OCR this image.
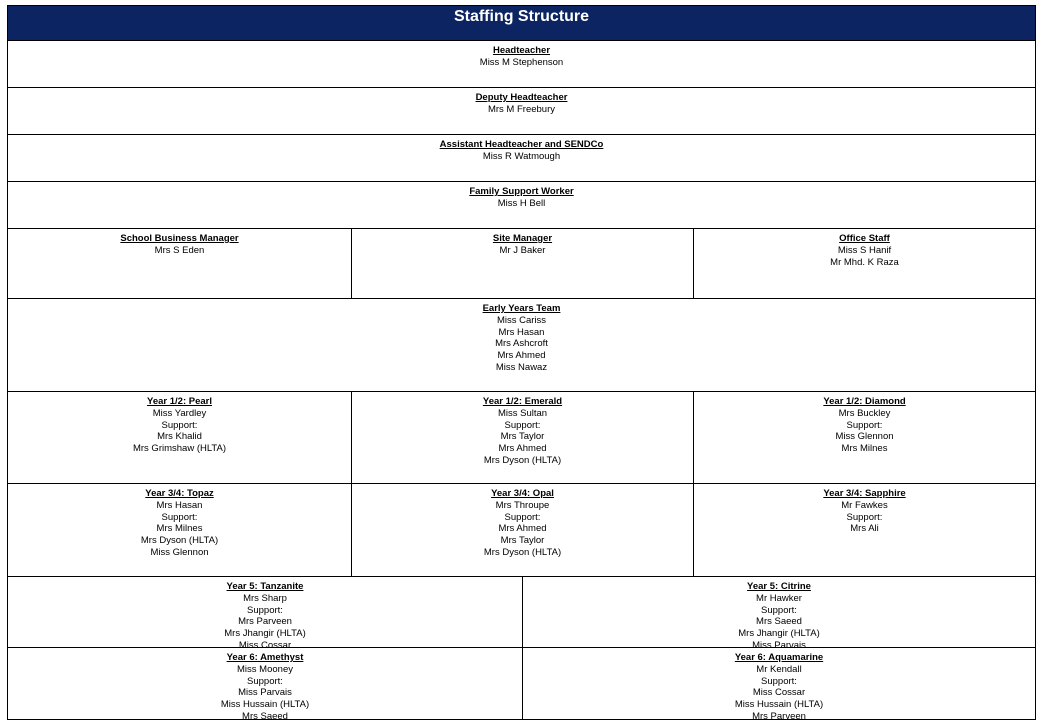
Staffing Structure
Headteacher
Miss M Stephenson
Deputy Headteacher
Mrs M Freebury
Assistant Headteacher and SENDCo
Miss R Watmough
Family Support Worker
Miss H Bell
School Business Manager
Mrs S Eden
Site Manager
Mr J Baker
Office Staff
Miss S Hanif
Mr Mhd. K Raza
Early Years Team
Miss Cariss
Mrs Hasan
Mrs Ashcroft
Mrs Ahmed
Miss Nawaz
Year 1/2: Pearl
Miss Yardley
Support:
Mrs Khalid
Mrs Grimshaw (HLTA)
Year 1/2: Emerald
Miss Sultan
Support:
Mrs Taylor
Mrs Ahmed
Mrs Dyson (HLTA)
Year 1/2: Diamond
Mrs Buckley
Support:
Miss Glennon
Mrs Milnes
Year 3/4: Topaz
Mrs Hasan
Support:
Mrs Milnes
Mrs Dyson (HLTA)
Miss Glennon
Year 3/4: Opal
Mrs Throupe
Support:
Mrs Ahmed
Mrs Taylor
Mrs Dyson (HLTA)
Year 3/4: Sapphire
Mr Fawkes
Support:
Mrs Ali
Year 5: Tanzanite
Mrs Sharp
Support:
Mrs Parveen
Mrs Jhangir (HLTA)
Miss Cossar
Year 5: Citrine
Mr Hawker
Support:
Mrs Saeed
Mrs Jhangir (HLTA)
Miss Parvais
Year 6: Amethyst
Miss Mooney
Support:
Miss Parvais
Miss Hussain (HLTA)
Mrs Saeed
Year 6: Aquamarine
Mr Kendall
Support:
Miss Cossar
Miss Hussain (HLTA)
Mrs Parveen
